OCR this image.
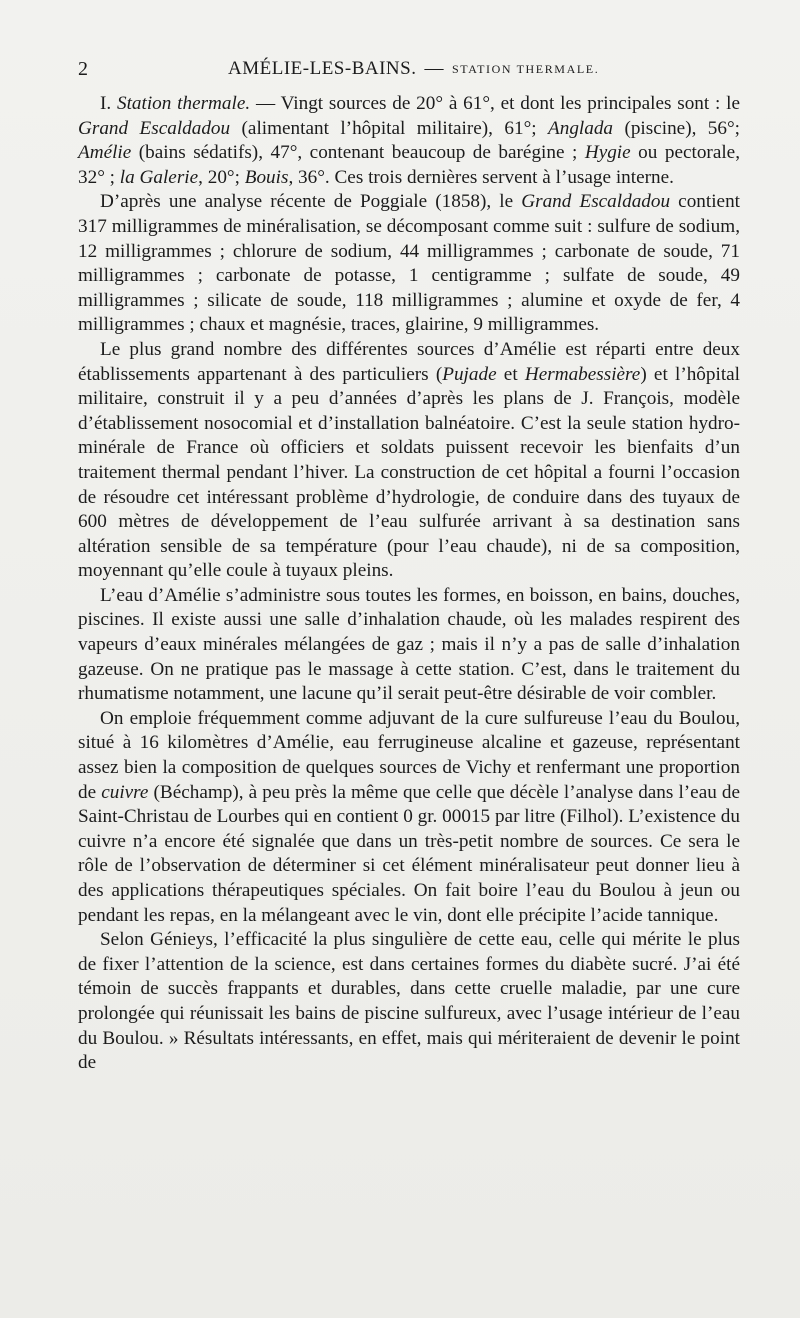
2	AMÉLIE-LES-BAINS. — STATION THERMALE.

I. Station thermale. — Vingt sources de 20° à 61°, et dont les principales sont : le Grand Escaldadou (alimentant l’hôpital militaire), 61°; Anglada (piscine), 56°; Amélie (bains sédatifs), 47°, contenant beaucoup de barégine ; Hygie ou pectorale, 32° ; la Galerie, 20°; Bouis, 36°. Ces trois dernières servent à l’usage interne.

D’après une analyse récente de Poggiale (1858), le Grand Escaldadou contient 317 milligrammes de minéralisation, se décomposant comme suit : sulfure de sodium, 12 milligrammes ; chlorure de sodium, 44 milligrammes ; carbonate de soude, 71 milligrammes ; carbonate de potasse, 1 centigramme ; sulfate de soude, 49 milligrammes ; silicate de soude, 118 milligrammes ; alumine et oxyde de fer, 4 milligrammes ; chaux et magnésie, traces, glairine, 9 milligrammes.

Le plus grand nombre des différentes sources d’Amélie est réparti entre deux établissements appartenant à des particuliers (Pujade et Hermabessière) et l’hôpital militaire, construit il y a peu d’années d’après les plans de J. François, modèle d’établissement nosocomial et d’installation balnéatoire. C’est la seule station hydro-minérale de France où officiers et soldats puissent recevoir les bienfaits d’un traitement thermal pendant l’hiver. La construction de cet hôpital a fourni l’occasion de résoudre cet intéressant problème d’hydrologie, de conduire dans des tuyaux de 600 mètres de développement de l’eau sulfurée arrivant à sa destination sans altération sensible de sa température (pour l’eau chaude), ni de sa composition, moyennant qu’elle coule à tuyaux pleins.

L’eau d’Amélie s’administre sous toutes les formes, en boisson, en bains, douches, piscines. Il existe aussi une salle d’inhalation chaude, où les malades respirent des vapeurs d’eaux minérales mélangées de gaz ; mais il n’y a pas de salle d’inhalation gazeuse. On ne pratique pas le massage à cette station. C’est, dans le traitement du rhumatisme notamment, une lacune qu’il serait peut-être désirable de voir combler.

On emploie fréquemment comme adjuvant de la cure sulfureuse l’eau du Boulou, situé à 16 kilomètres d’Amélie, eau ferrugineuse alcaline et gazeuse, représentant assez bien la composition de quelques sources de Vichy et renfermant une proportion de cuivre (Béchamp), à peu près la même que celle que décèle l’analyse dans l’eau de Saint-Christau de Lourbes qui en contient 0 gr. 00015 par litre (Filhol). L’existence du cuivre n’a encore été signalée que dans un très-petit nombre de sources. Ce sera le rôle de l’observation de déterminer si cet élément minéralisateur peut donner lieu à des applications thérapeutiques spéciales. On fait boire l’eau du Boulou à jeun ou pendant les repas, en la mélangeant avec le vin, dont elle précipite l’acide tannique.

Selon Génieys, l’efficacité la plus singulière de cette eau, celle qui mérite le plus de fixer l’attention de la science, est dans certaines formes du diabète sucré. J’ai été témoin de succès frappants et durables, dans cette cruelle maladie, par une cure prolongée qui réunissait les bains de piscine sulfureux, avec l’usage intérieur de l’eau du Boulou. » Résultats intéressants, en effet, mais qui mériteraient de devenir le point de
